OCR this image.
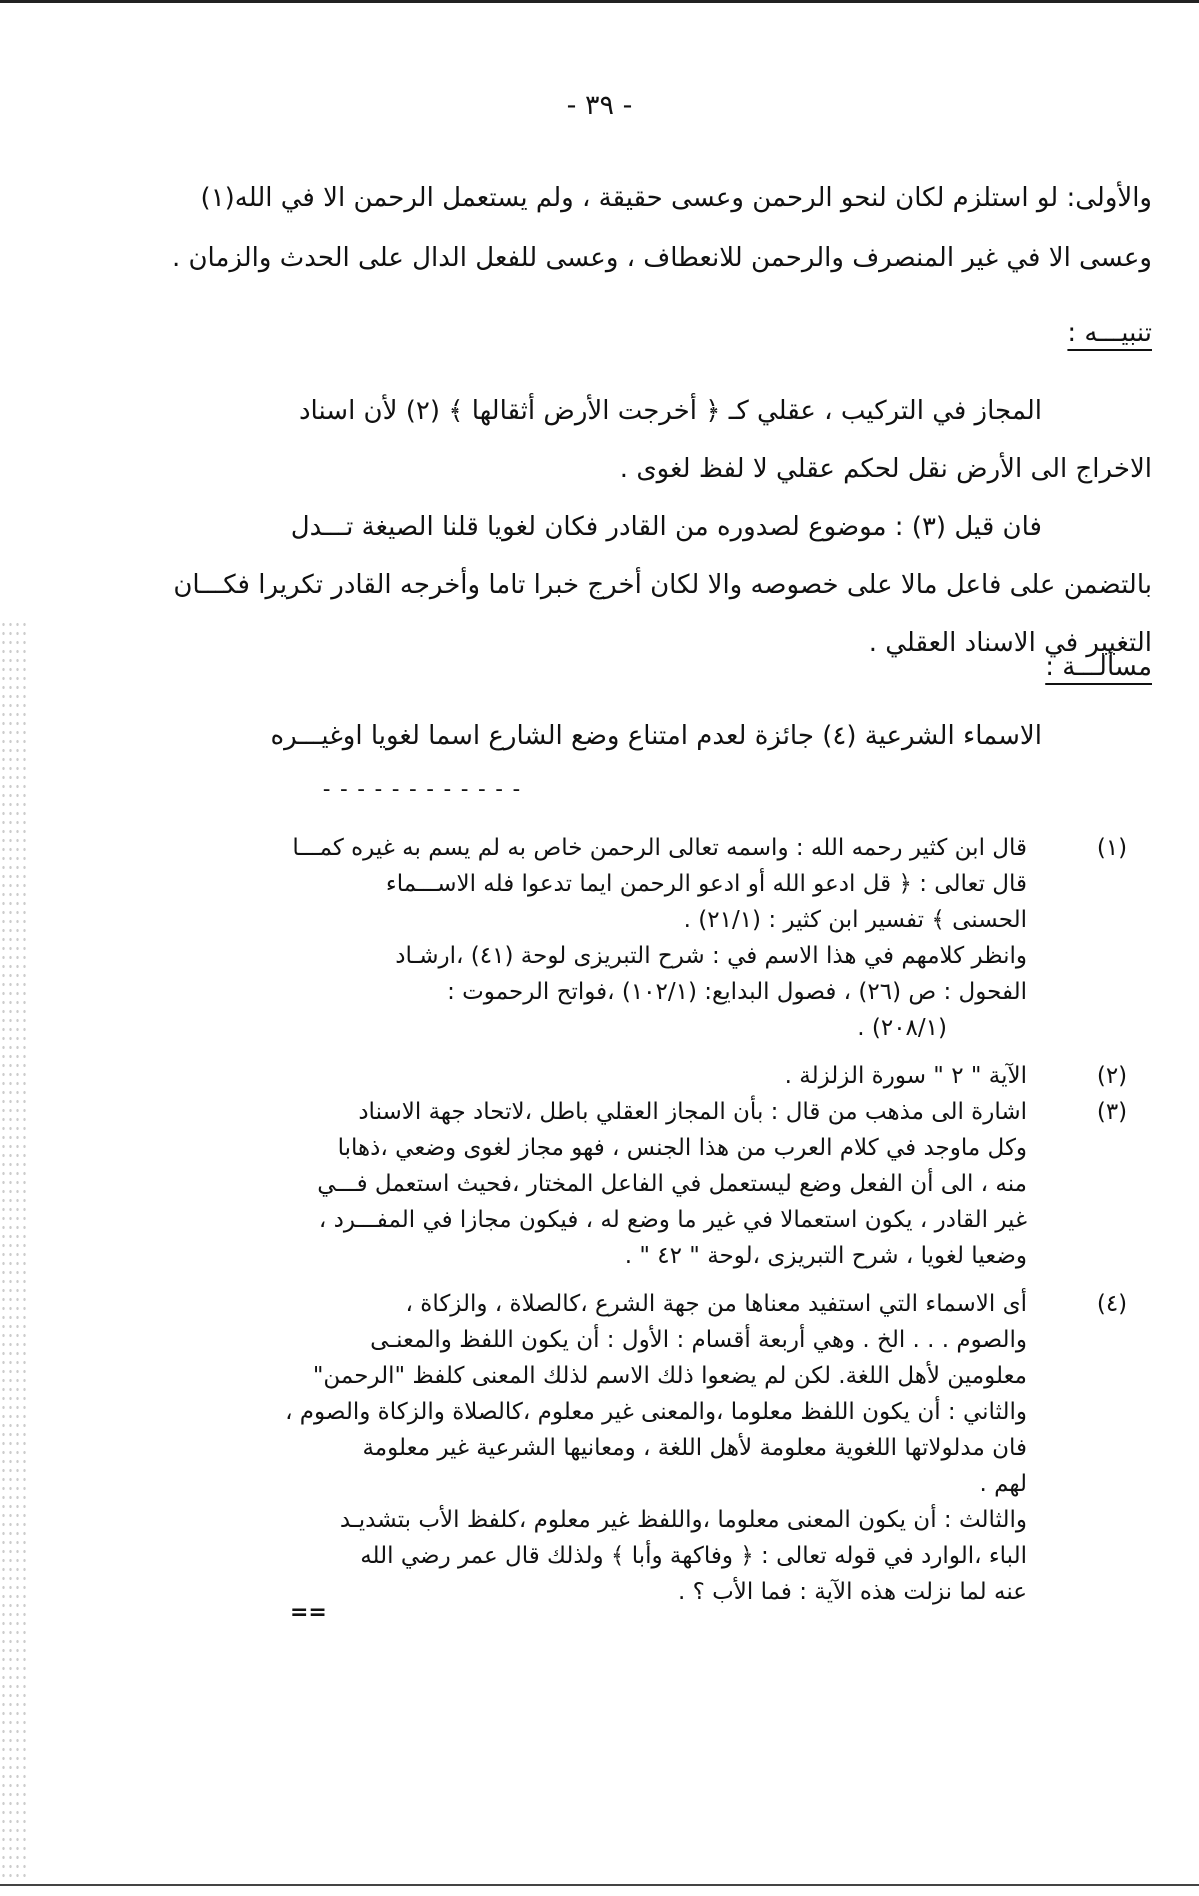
- ٣٩ -
والأولى: لو استلزم لكان لنحو الرحمن وعسى حقيقة ، ولم يستعمل الرحمن الا في الله(١)
وعسى الا في غير المنصرف والرحمن للانعطاف ، وعسى للفعل الدال على الحدث والزمان .
تنبيـــه :
المجاز في التركيب ، عقلي كـ ﴿ أخرجت الأرض أثقالها ﴾ (٢) لأن اسناد
الاخراج الى الأرض نقل لحكم عقلي لا لفظ لغوى .
فان قيل (٣) : موضوع لصدوره من القادر فكان لغويا قلنا الصيغة تـــدل
بالتضمن على فاعل مالا على خصوصه والا لكان أخرج خبرا تاما وأخرجه القادر تكريرا فكـــان
التغيير في الاسناد العقلي .
مسألـــة :
الاسماء الشرعية (٤) جائزة لعدم امتناع وضع الشارع اسما لغويا اوغيـــره
------------
(١)
قال ابن كثير رحمه الله : واسمه تعالى الرحمن خاص به لم يسم به غيره كمـــا
قال تعالى : ﴿ قل ادعو الله أو ادعو الرحمن ايما تدعوا فله الاســـماء
الحسنى ﴾ تفسير ابن كثير : (٢١/١) .
وانظر كلامهم في هذا الاسم في : شرح التبريزى لوحة (٤١) ،ارشـاد
الفحول : ص (٢٦) ، فصول البدايع: (١٠٢/١) ،فواتح الرحموت :
(٢٠٨/١) .
(٢)
الآية " ٢ " سورة الزلزلة .
(٣)
اشارة الى مذهب من قال : بأن المجاز العقلي باطل ،لاتحاد جهة الاسناد
وكل ماوجد في كلام العرب من هذا الجنس ، فهو مجاز لغوى وضعي ،ذهابا
منه ، الى أن الفعل وضع ليستعمل في الفاعل المختار ،فحيث استعمل فـــي
غير القادر ، يكون استعمالا في غير ما وضع له ، فيكون مجازا في المفـــرد ،
وضعيا لغويا ، شرح التبريزى ،لوحة " ٤٢ " .
(٤)
أى الاسماء التي استفيد معناها من جهة الشرع ،كالصلاة ، والزكاة ،
والصوم . . . الخ . وهي أربعة أقسام : الأول : أن يكون اللفظ والمعنـى
معلومين لأهل اللغة. لكن لم يضعوا ذلك الاسم لذلك المعنى كلفظ "الرحمن"
والثاني : أن يكون اللفظ معلوما ،والمعنى غير معلوم ،كالصلاة والزكاة والصوم ،
فان مدلولاتها اللغوية معلومة لأهل اللغة ، ومعانيها الشرعية غير معلومة
لهم .
والثالث : أن يكون المعنى معلوما ،واللفظ غير معلوم ،كلفظ الأب بتشديـد
الباء ،الوارد في قوله تعالى : ﴿ وفاكهة وأبا ﴾ ولذلك قال عمر رضي الله
عنه لما نزلت هذه الآية : فما الأب ؟ .
==
